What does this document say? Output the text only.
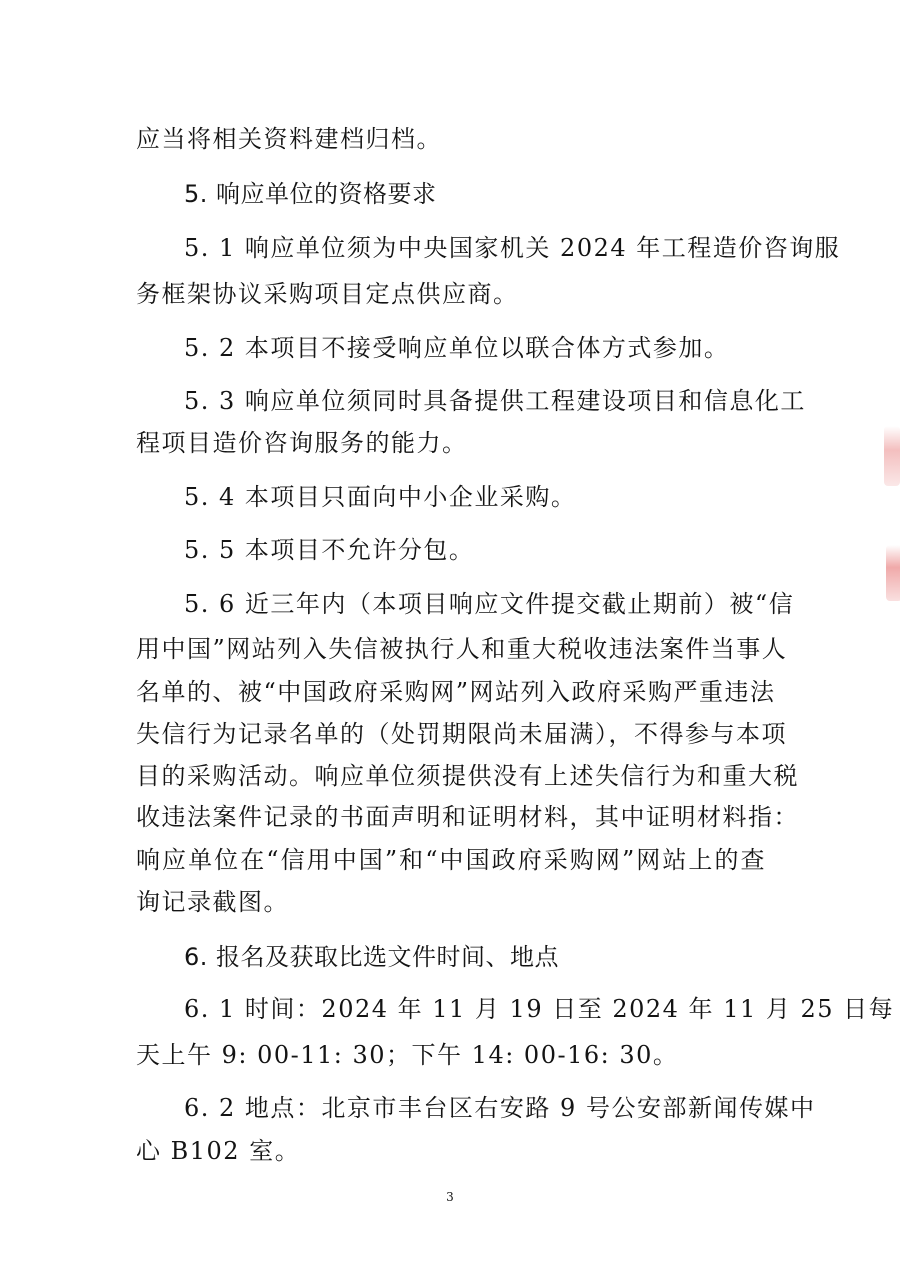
应当将相关资料建档归档。
5. 响应单位的资格要求
5. 1 响应单位须为中央国家机关 2024 年工程造价咨询服
务框架协议采购项目定点供应商。
5. 2 本项目不接受响应单位以联合体方式参加。
5. 3 响应单位须同时具备提供工程建设项目和信息化工
程项目造价咨询服务的能力。
5. 4 本项目只面向中小企业采购。
5. 5 本项目不允许分包。
5. 6 近三年内（本项目响应文件提交截止期前）被“信
用中国”网站列入失信被执行人和重大税收违法案件当事人
名单的、被“中国政府采购网”网站列入政府采购严重违法
失信行为记录名单的（处罚期限尚未届满），不得参与本项
目的采购活动。响应单位须提供没有上述失信行为和重大税
收违法案件记录的书面声明和证明材料，其中证明材料指：
响应单位在“信用中国”和“中国政府采购网”网站上的查
询记录截图。
6. 报名及获取比选文件时间、地点
6. 1 时间：2024 年 11 月 19 日至 2024 年 11 月 25 日每
天上午 9: 00-11: 30；下午 14: 00-16: 30。
6. 2 地点：北京市丰台区右安路 9 号公安部新闻传媒中
心 B102 室。
3
